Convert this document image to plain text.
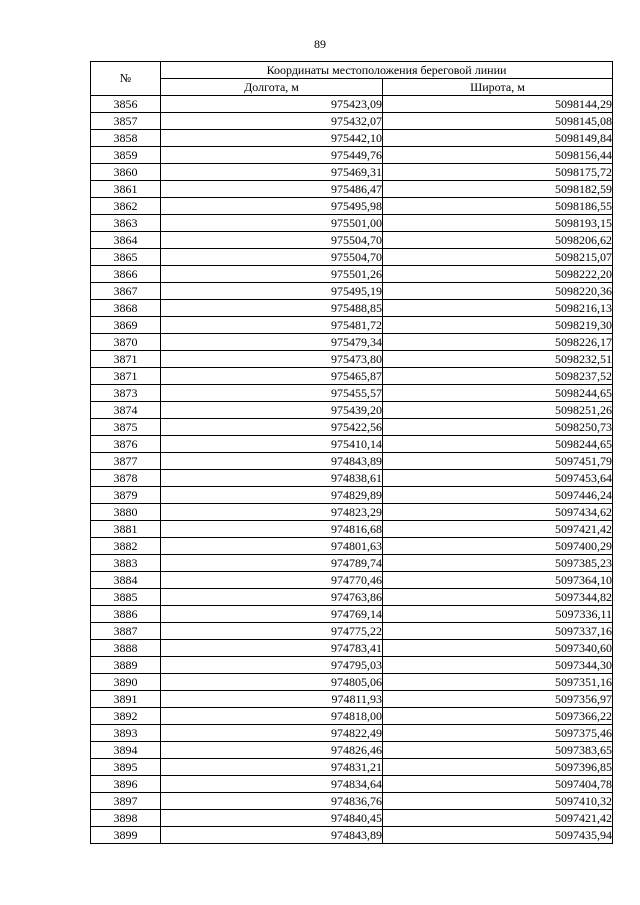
89
№	Координаты местоположения береговой линии	
	Долгота, м	Широта, м
3856	975423,09	5098144,29
3857	975432,07	5098145,08
3858	975442,10	5098149,84
3859	975449,76	5098156,44
3860	975469,31	5098175,72
3861	975486,47	5098182,59
3862	975495,98	5098186,55
3863	975501,00	5098193,15
3864	975504,70	5098206,62
3865	975504,70	5098215,07
3866	975501,26	5098222,20
3867	975495,19	5098220,36
3868	975488,85	5098216,13
3869	975481,72	5098219,30
3870	975479,34	5098226,17
3871	975473,80	5098232,51
3871	975465,87	5098237,52
3873	975455,57	5098244,65
3874	975439,20	5098251,26
3875	975422,56	5098250,73
3876	975410,14	5098244,65
3877	974843,89	5097451,79
3878	974838,61	5097453,64
3879	974829,89	5097446,24
3880	974823,29	5097434,62
3881	974816,68	5097421,42
3882	974801,63	5097400,29
3883	974789,74	5097385,23
3884	974770,46	5097364,10
3885	974763,86	5097344,82
3886	974769,14	5097336,11
3887	974775,22	5097337,16
3888	974783,41	5097340,60
3889	974795,03	5097344,30
3890	974805,06	5097351,16
3891	974811,93	5097356,97
3892	974818,00	5097366,22
3893	974822,49	5097375,46
3894	974826,46	5097383,65
3895	974831,21	5097396,85
3896	974834,64	5097404,78
3897	974836,76	5097410,32
3898	974840,45	5097421,42
3899	974843,89	5097435,94
